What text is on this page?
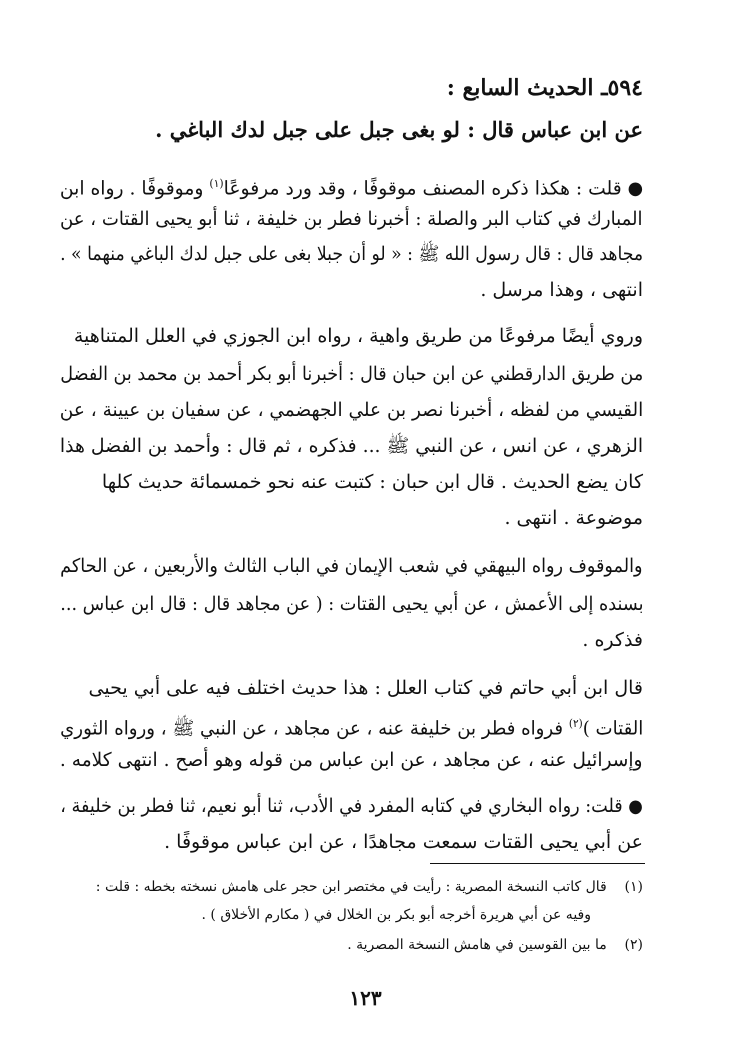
٥٩٤ـ الحديث السابع :
عن ابن عباس قال : لو بغى جبل على جبل لدك الباغي .
●قلت : هكذا ذكره المصنف موقوفًا ، وقد ورد مرفوعًا$^{(١)}$ وموقوفًا . رواه ابن
المبارك في كتاب البر والصلة : أخبرنا فطر بن خليفة ، ثنا أبو يحيى القتات ، عن
مجاهد قال : قال رسول الله ﷺ : « لو أن جبلا بغى على جبل لدك الباغي منهما » .
انتهى ، وهذا مرسل .
وروي أيضًا مرفوعًا من طريق واهية ، رواه ابن الجوزي في العلل المتناهية
من طريق الدارقطني عن ابن حبان قال : أخبرنا أبو بكر أحمد بن محمد بن الفضل
القيسي من لفظه ، أخبرنا نصر بن علي الجهضمي ، عن سفيان بن عيينة ، عن
الزهري ، عن انس ، عن النبي ﷺ ... فذكره ، ثم قال : وأحمد بن الفضل هذا
كان يضع الحديث . قال ابن حبان : كتبت عنه نحو خمسمائة حديث كلها
موضوعة . انتهى .
والموقوف رواه البيهقي في شعب الإيمان في الباب الثالث والأربعين ، عن الحاكم
بسنده إلى الأعمش ، عن أبي يحيى القتات : ( عن مجاهد قال : قال ابن عباس ...
فذكره .
قال ابن أبي حاتم في كتاب العلل : هذا حديث اختلف فيه على أبي يحيى
القتات )$^{(٢)}$ فرواه فطر بن خليفة عنه ، عن مجاهد ، عن النبي ﷺ ، ورواه الثوري
وإسرائيل عنه ، عن مجاهد ، عن ابن عباس من قوله وهو أصح . انتهى كلامه .
●قلت: رواه البخاري في كتابه المفرد في الأدب، ثنا أبو نعيم، ثنا فطر بن خليفة ،
عن أبي يحيى القتات سمعت مجاهدًا ، عن ابن عباس موقوفًا .
(١)    قال كاتب النسخة المصرية : رأيت في مختصر ابن حجر على هامش نسخته بخطه : قلت :
وفيه عن أبي هريرة أخرجه أبو بكر بن الخلال في ( مكارم الأخلاق ) .
(٢)    ما بين القوسين في هامش النسخة المصرية .
١٢٣
